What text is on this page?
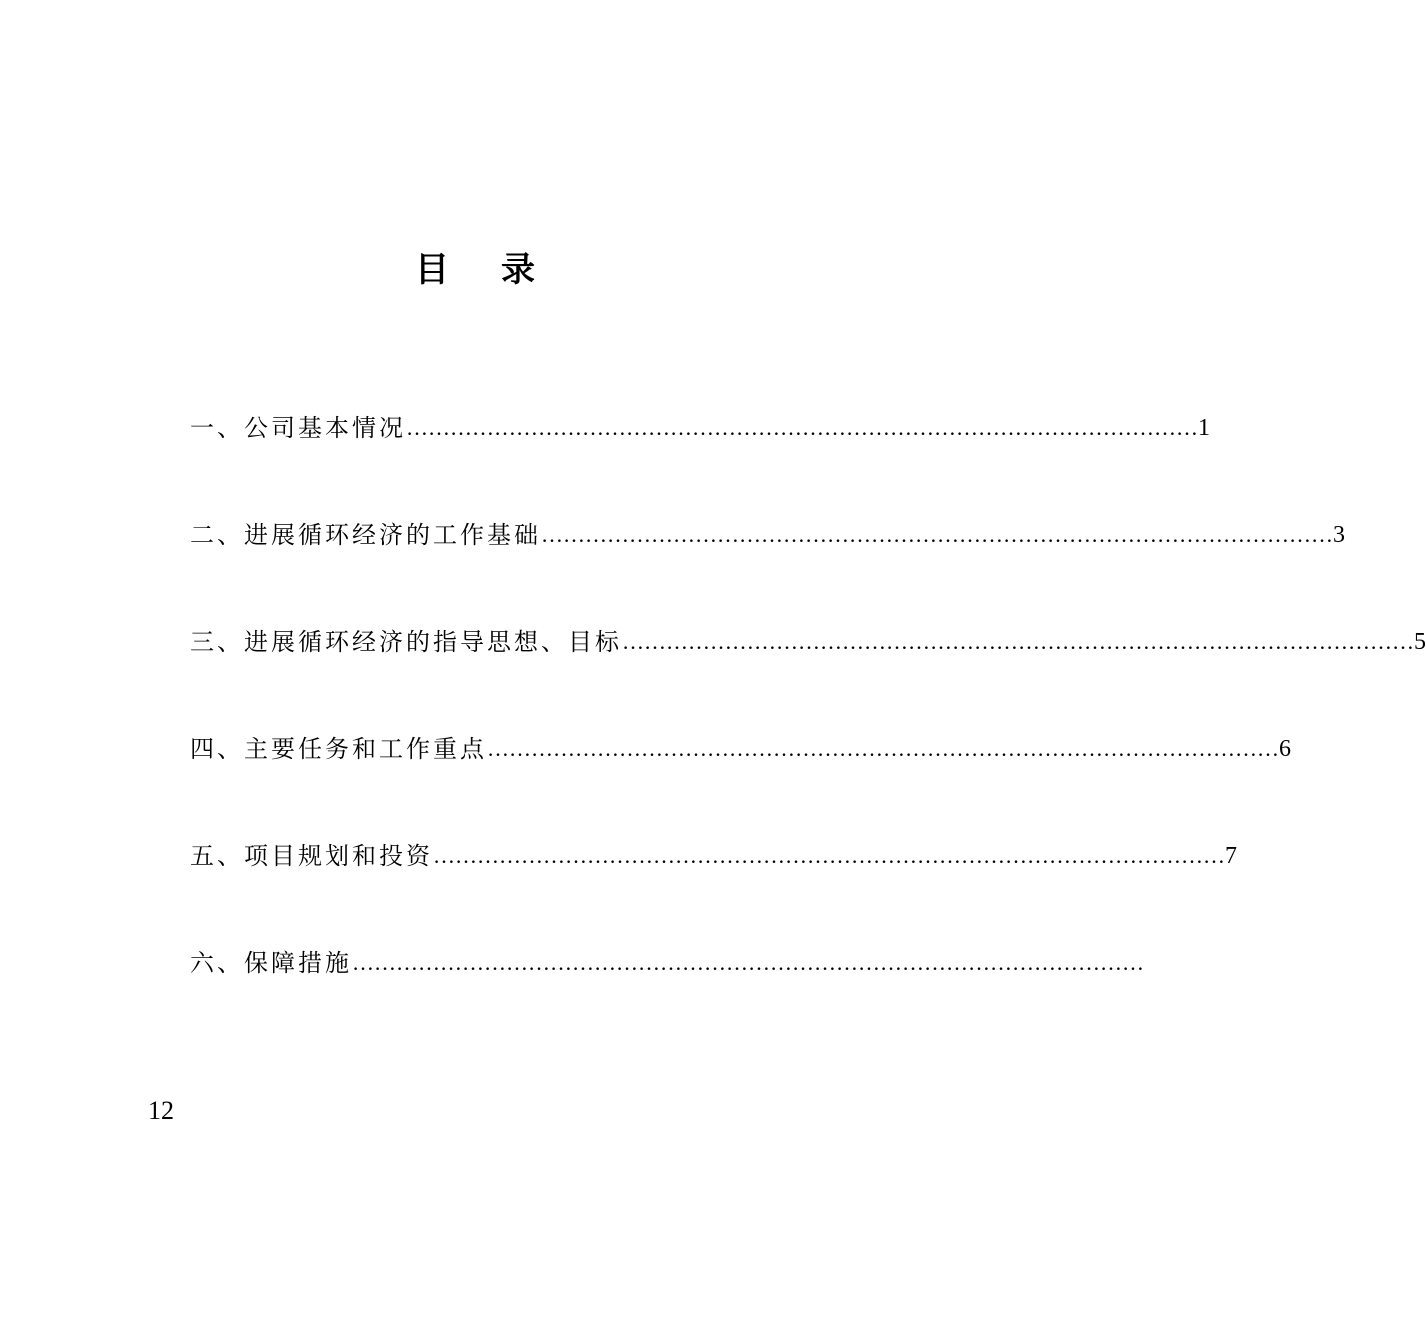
目 录
一、公司基本情况 ……………………………………………………………………………………………… 1
二、进展循环经济的工作基础 ……………………………………………………………………………………………… 3
三、进展循环经济的指导思想、目标 ……………………………………………………………………………………………… 5
四、主要任务和工作重点 ……………………………………………………………………………………………… 6
五、项目规划和投资 ……………………………………………………………………………………………… 7
六、保障措施 ………………………………………………………………………………………………
12
